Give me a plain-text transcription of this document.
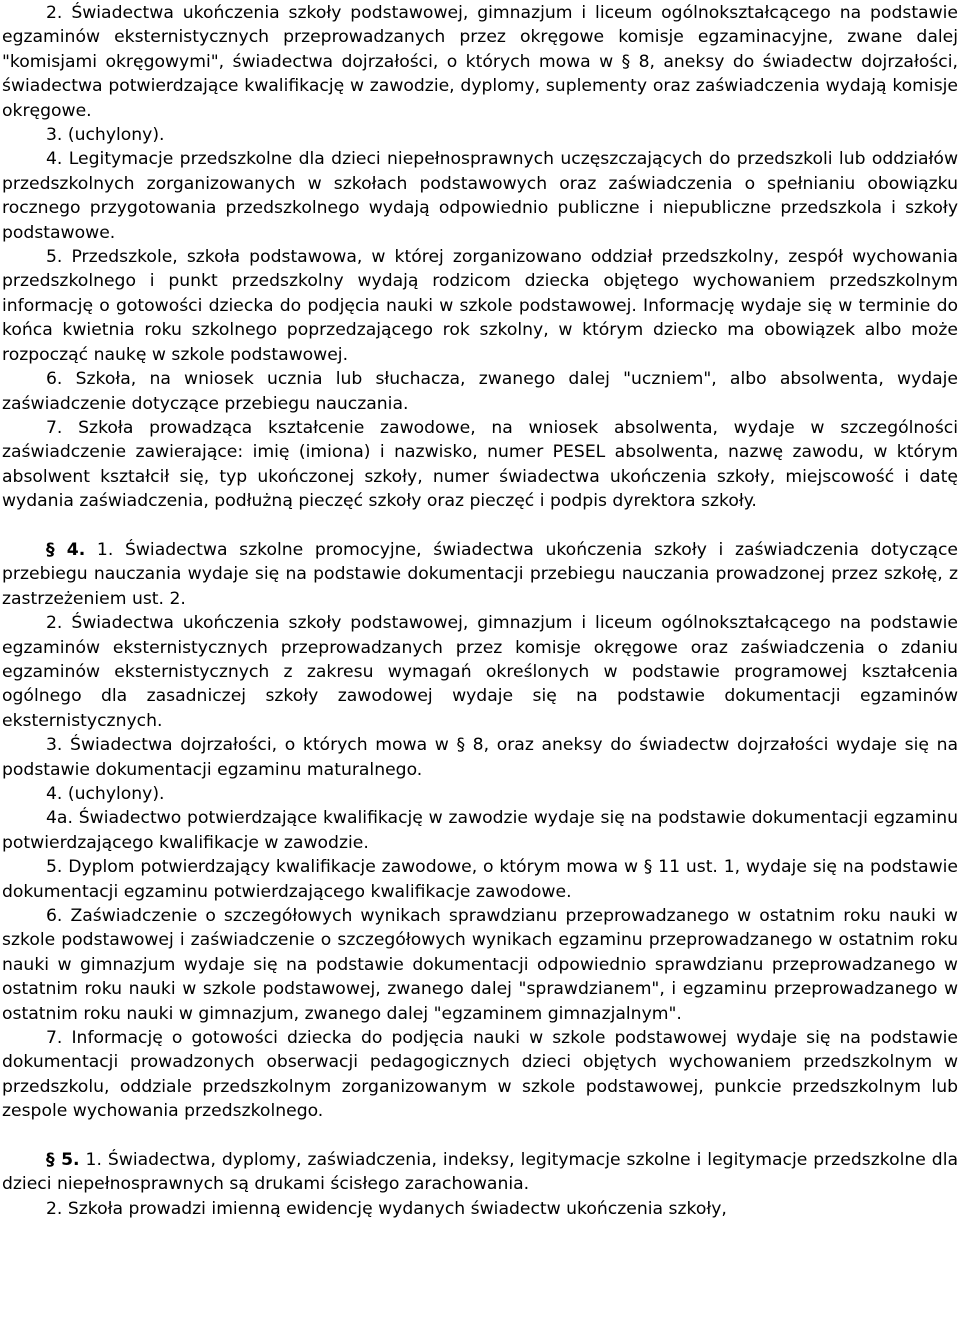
2. Świadectwa ukończenia szkoły podstawowej, gimnazjum i liceum ogólnokształcącego na podstawie egzaminów eksternistycznych przeprowadzanych przez okręgowe komisje egzaminacyjne, zwane dalej "komisjami okręgowymi", świadectwa dojrzałości, o których mowa w § 8, aneksy do świadectw dojrzałości, świadectwa potwierdzające kwalifikację w zawodzie, dyplomy, suplementy oraz zaświadczenia wydają komisje okręgowe.
3. (uchylony).
4. Legitymacje przedszkolne dla dzieci niepełnosprawnych uczęszczających do przedszkoli lub oddziałów przedszkolnych zorganizowanych w szkołach podstawowych oraz zaświadczenia o spełnianiu obowiązku rocznego przygotowania przedszkolnego wydają odpowiednio publiczne i niepubliczne przedszkola i szkoły podstawowe.
5. Przedszkole, szkoła podstawowa, w której zorganizowano oddział przedszkolny, zespół wychowania przedszkolnego i punkt przedszkolny wydają rodzicom dziecka objętego wychowaniem przedszkolnym informację o gotowości dziecka do podjęcia nauki w szkole podstawowej. Informację wydaje się w terminie do końca kwietnia roku szkolnego poprzedzającego rok szkolny, w którym dziecko ma obowiązek albo może rozpocząć naukę w szkole podstawowej.
6. Szkoła, na wniosek ucznia lub słuchacza, zwanego dalej "uczniem", albo absolwenta, wydaje zaświadczenie dotyczące przebiegu nauczania.
7. Szkoła prowadząca kształcenie zawodowe, na wniosek absolwenta, wydaje w szczególności zaświadczenie zawierające: imię (imiona) i nazwisko, numer PESEL absolwenta, nazwę zawodu, w którym absolwent kształcił się, typ ukończonej szkoły, numer świadectwa ukończenia szkoły, miejscowość i datę wydania zaświadczenia, podłużną pieczęć szkoły oraz pieczęć i podpis dyrektora szkoły.
§ 4. 1. Świadectwa szkolne promocyjne, świadectwa ukończenia szkoły i zaświadczenia dotyczące przebiegu nauczania wydaje się na podstawie dokumentacji przebiegu nauczania prowadzonej przez szkołę, z zastrzeżeniem ust. 2.
2. Świadectwa ukończenia szkoły podstawowej, gimnazjum i liceum ogólnokształcącego na podstawie egzaminów eksternistycznych przeprowadzanych przez komisje okręgowe oraz zaświadczenia o zdaniu egzaminów eksternistycznych z zakresu wymagań określonych w podstawie programowej kształcenia ogólnego dla zasadniczej szkoły zawodowej wydaje się na podstawie dokumentacji egzaminów eksternistycznych.
3. Świadectwa dojrzałości, o których mowa w § 8, oraz aneksy do świadectw dojrzałości wydaje się na podstawie dokumentacji egzaminu maturalnego.
4. (uchylony).
4a. Świadectwo potwierdzające kwalifikację w zawodzie wydaje się na podstawie dokumentacji egzaminu potwierdzającego kwalifikacje w zawodzie.
5. Dyplom potwierdzający kwalifikacje zawodowe, o którym mowa w § 11 ust. 1, wydaje się na podstawie dokumentacji egzaminu potwierdzającego kwalifikacje zawodowe.
6. Zaświadczenie o szczegółowych wynikach sprawdzianu przeprowadzanego w ostatnim roku nauki w szkole podstawowej i zaświadczenie o szczegółowych wynikach egzaminu przeprowadzanego w ostatnim roku nauki w gimnazjum wydaje się na podstawie dokumentacji odpowiednio sprawdzianu przeprowadzanego w ostatnim roku nauki w szkole podstawowej, zwanego dalej "sprawdzianem", i egzaminu przeprowadzanego w ostatnim roku nauki w gimnazjum, zwanego dalej "egzaminem gimnazjalnym".
7. Informację o gotowości dziecka do podjęcia nauki w szkole podstawowej wydaje się na podstawie dokumentacji prowadzonych obserwacji pedagogicznych dzieci objętych wychowaniem przedszkolnym w przedszkolu, oddziale przedszkolnym zorganizowanym w szkole podstawowej, punkcie przedszkolnym lub zespole wychowania przedszkolnego.
§ 5. 1. Świadectwa, dyplomy, zaświadczenia, indeksy, legitymacje szkolne i legitymacje przedszkolne dla dzieci niepełnosprawnych są drukami ścisłego zarachowania.
2. Szkoła prowadzi imienną ewidencję wydanych świadectw ukończenia szkoły,
